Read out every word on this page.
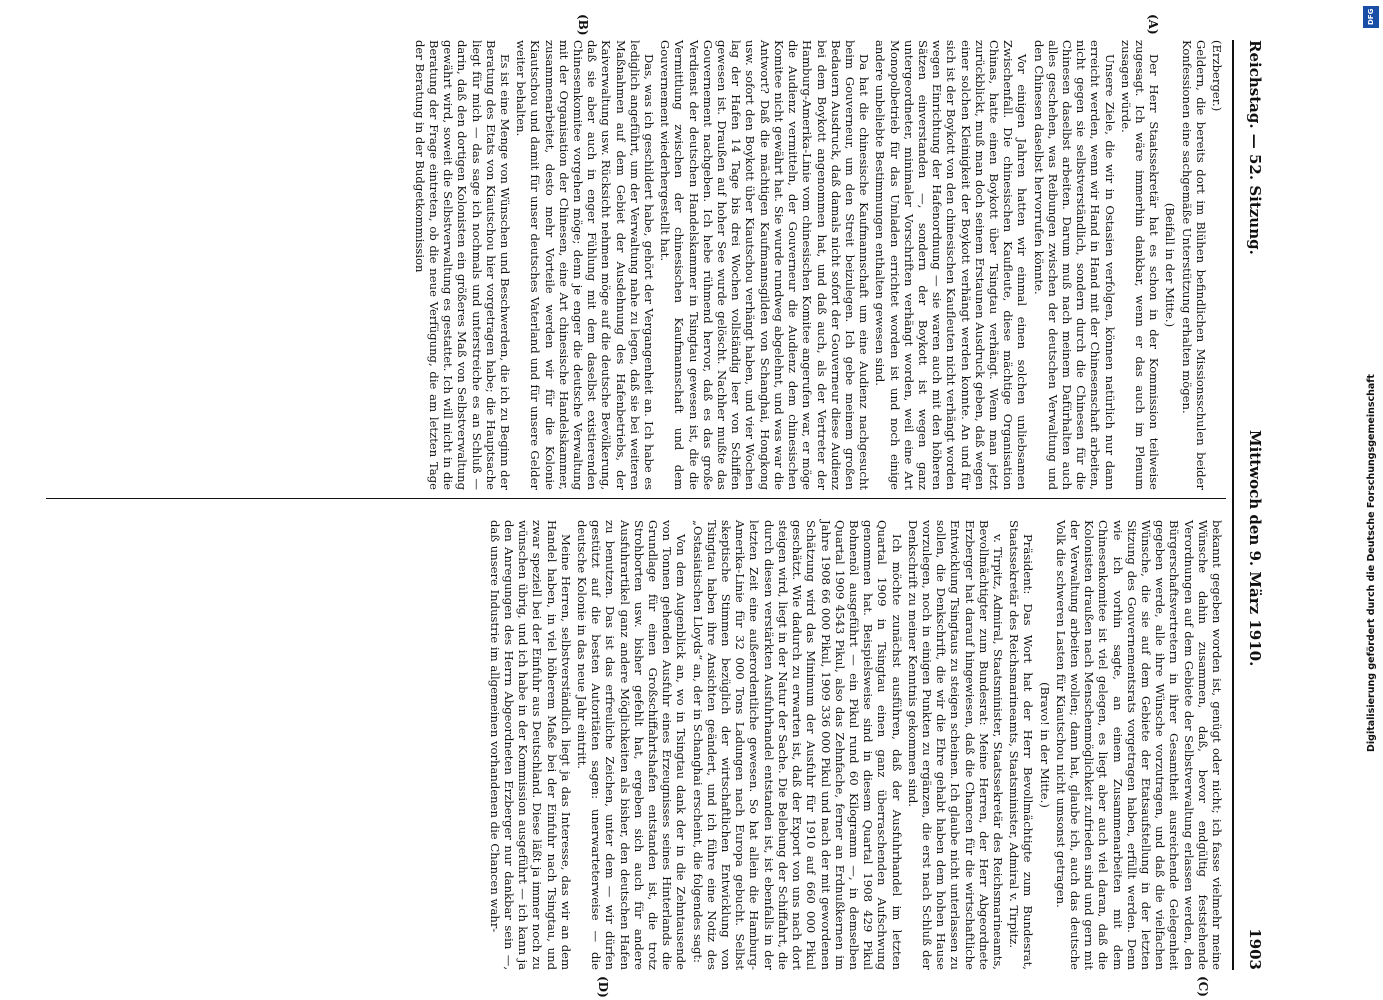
Reichstag. — 52. Sitzung.
Mittwoch den 9. März 1910.
1903

(Erzberger.)

Geldern, die bereits dort im Blühen befindlichen Missionsschulen beider Konfessionen eine sachgemäße Unterstützung erhalten mögen.

(Beifall in der Mitte.)

Der Herr Staatssekretär hat es schon in der Kommission teilweise zugesagt. Ich wäre immerhin dankbar, wenn er das auch im Plenum zusagen würde.

Unsere Ziele, die wir in Ostasien verfolgen, können natürlich nur dann erreicht werden, wenn wir Hand in Hand mit der Chinesenschaft arbeiten, nicht gegen sie selbstverständlich, sondern durch die Chinesen für die Chinesen daselbst arbeiten. Darum muß nach meinem Dafürhalten auch alles geschehen, was Reibungen zwischen der deutschen Verwaltung und den Chinesen daselbst hervorrufen könnte.

Vor einigen Jahren hatten wir einmal einen solchen unliebsamen Zwischenfall. Die chinesischen Kaufleute, diese mächtige Organisation Chinas, hatte einen Boykott über Tsingtau verhängt. Wenn man jetzt zurückblickt, muß man doch seinem Erstaunen Ausdruck geben, daß wegen einer solchen Kleinigkeit der Boykott verhängt werden konnte. An und für sich ist der Boykott von den chinesischen Kaufleuten nicht verhängt worden wegen Einrichtung der Hafenordnung — sie waren auch mit den höheren Sätzen einverstanden —, sondern der Boykott ist wegen ganz untergeordneter, minimaler Vorschriften verhängt worden, weil eine Art Monopolbetrieb für das Umladen errichtet worden ist und noch einige andere unbeliebte Bestimmungen enthalten gewesen sind.

Da hat die chinesische Kaufmannschaft um eine Audienz nachgesucht beim Gouverneur, um den Streit beizulegen. Ich gebe meinem großen Bedauern Ausdruck, daß damals nicht sofort der Gouverneur diese Audienz bei dem Boykott angenommen hat, und daß auch, als der Vertreter der Hamburg-Amerika-Linie vom chinesischen Komitee angerufen war, er möge die Audienz vermitteln, der Gouverneur die Audienz dem chinesischen Komitee nicht gewährt hat. Sie wurde rundweg abgelehnt, und was war die Antwort? Daß die mächtigen Kaufmannsgilden von Schanghai, Hongkong usw. sofort den Boykott über Kiautschou verhängt haben, und vier Wochen lag der Hafen 14 Tage bis drei Wochen vollständig leer von Schiffen gewesen ist. Draußen auf hoher See wurde gelöscht. Nachher mußte das Gouvernement nachgeben. Ich hebe rühmend hervor, daß es das große Verdienst der deutschen Handelskammer in Tsingtau gewesen ist, die die Vermittlung zwischen der chinesischen Kaufmannschaft und dem Gouvernement wiederhergestellt hat.

Das, was ich geschildert habe, gehört der Vergangenheit an. Ich habe es lediglich angeführt, um der Verwaltung nahe zu legen, daß sie bei weiteren Maßnahmen auf dem Gebiet der Ausdehnung des Hafenbetriebs, der Kaiverwaltung usw. Rücksicht nehmen möge auf die deutsche Bevölkerung, daß sie aber auch in enger Fühlung mit dem daselbst existierenden Chinesenkomitee vorgehen möge; denn je enger die deutsche Verwaltung mit der Organisation der Chinesen, eine Art chinesische Handelskammer, zusammenarbeitet, desto mehr Vorteile werden wir für die Kolonie Kiautschou und damit für unser deutsches Vaterland und für unsere Gelder weiter behalten.

Es ist eine Menge von Wünschen und Beschwerden, die ich zu Beginn der Beratung des Etats von Kiautschou hier vorgetragen habe; die Hauptsache liegt für mich — das sage ich nochmals und unterstreiche es an Schluß — darin, daß den dortigen Kolonisten ein größeres Maß von Selbstverwaltung gewährt wird, soweit die Selbstverwaltung es gestattet. Ich will nicht in die Beratung der Frage eintreten, ob die neue Verfügung, die am letzten Tage der Beratung in der Budgetkommission

bekannt gegeben worden ist, genügt oder nicht; ich fasse vielmehr meine Wünsche dahin zusammen, daß, bevor endgültig feststehende Verordnungen auf dem Gebiete der Selbstverwaltung erlassen werden, den Bürgerschaftsvertretern in ihrer Gesamtheit ausreichende Gelegenheit gegeben werde, alle ihre Wünsche vorzutragen, und daß die vielfachen Wünsche, die sie auf dem Gebiete der Etatsaufstellung in der letzten Sitzung des Gouvernementsrats vorgetragen haben, erfüllt werden. Denn wie ich vorhin sagte, an einem Zusammenarbeiten mit dem Chinesenkomitee ist viel gelegen, es liegt aber auch viel daran, daß die Kolonisten draußen nach Menschenmöglichkeit zufrieden sind und gern mit der Verwaltung arbeiten wollen; dann hat, glaube ich, auch das deutsche Volk die schweren Lasten für Kiautschou nicht umsonst getragen.

(Bravo! in der Mitte.)

Präsident: Das Wort hat der Herr Bevollmächtigte zum Bundesrat, Staatssekretär des Reichsmarineamts, Staatsminister, Admiral v. Tirpitz.

v. Tirpitz, Admiral, Staatsminister, Staatssekretär des Reichsmarineamts, Bevollmächtigter zum Bundesrat: Meine Herren, der Herr Abgeordnete Erzberger hat darauf hingewiesen, daß die Chancen für die wirtschaftliche Entwicklung Tsingtaus zu steigen scheinen. Ich glaube nicht unterlassen zu sollen, die Denkschrift, die wir die Ehre gehabt haben dem hohen Hause vorzulegen, noch in einigen Punkten zu ergänzen, die erst nach Schluß der Denkschrift zu meiner Kenntnis gekommen sind.

Ich möchte zunächst ausführen, daß der Ausfuhrhandel im letzten Quartal 1909 in Tsingtau einen ganz überraschenden Aufschwung genommen hat. Beispielsweise sind in diesem Quartal 1908 429 Pikul Bohnenöl ausgeführt — ein Pikul rund 60 Kilogramm —, in demselben Quartal 1909 4543 Pikul, also das Zehnfache, ferner an Erdnußkernen im Jahre 1908 66 000 Pikul, 1909 336 000 Pikul und nach der mit gewordenen Schätzung wird das Minimum der Ausfuhr für 1910 auf 660 000 Pikul geschätzt. Wie dadurch zu erwarten ist, daß der Export von uns nach dort steigen wird, liegt in der Natur der Sache. Die Belebung der Schiffahrt, die durch diesen verstärkten Ausfuhrhandel entstanden ist, ist ebenfalls in der letzten Zeit eine außerordentliche gewesen. So hat allein die Hamburg-Amerika-Linie für 32 000 Tons Ladungen nach Europa gebucht. Selbst skeptische Stimmen bezüglich der wirtschaftlichen Entwicklung von Tsingtau haben ihre Ansichten geändert, und ich führe eine Notiz des „Ostasiatischen Lloyds“ an, der in Schanghai erscheint, die folgendes sagt:

Von dem Augenblick an, wo in Tsingtau dank der in die Zehntausende von Tonnen gehenden Ausfuhr eines Erzeugnisses seines Hinterlands die Grundlage für einen Großschiffahrtshafen entstanden ist, die trotz Strohborten usw. bisher gefehlt hat, ergeben sich auch für andere Ausfuhrartikel ganz andere Möglichkeiten als bisher, den deutschen Hafen zu benutzen. Das ist das erfreuliche Zeichen, unter dem — wir dürfen gestützt auf die besten Autoritäten sagen: unerwarteterweise — die deutsche Kolonie in das neue Jahr eintritt.

Meine Herren, selbstverständlich liegt ja das Interesse, das wir an dem Handel haben, in viel höherem Maße bei der Einfuhr nach Tsingtau, und zwar speziell bei der Einfuhr aus Deutschland. Diese läßt ja immer noch zu wünschen übrig, und ich habe in der Kommission ausgeführt — ich kann ja den Anregungen des Herrn Abgeordneten Erzberger nur dankbar sein —, daß unsere Industrie im allgemeinen vorhandenen die Chancen wahr-

(A)
(B)
(C)
(D)
DFG
Digitalisierung gefördert durch die Deutsche Forschungsgemeinschaft
